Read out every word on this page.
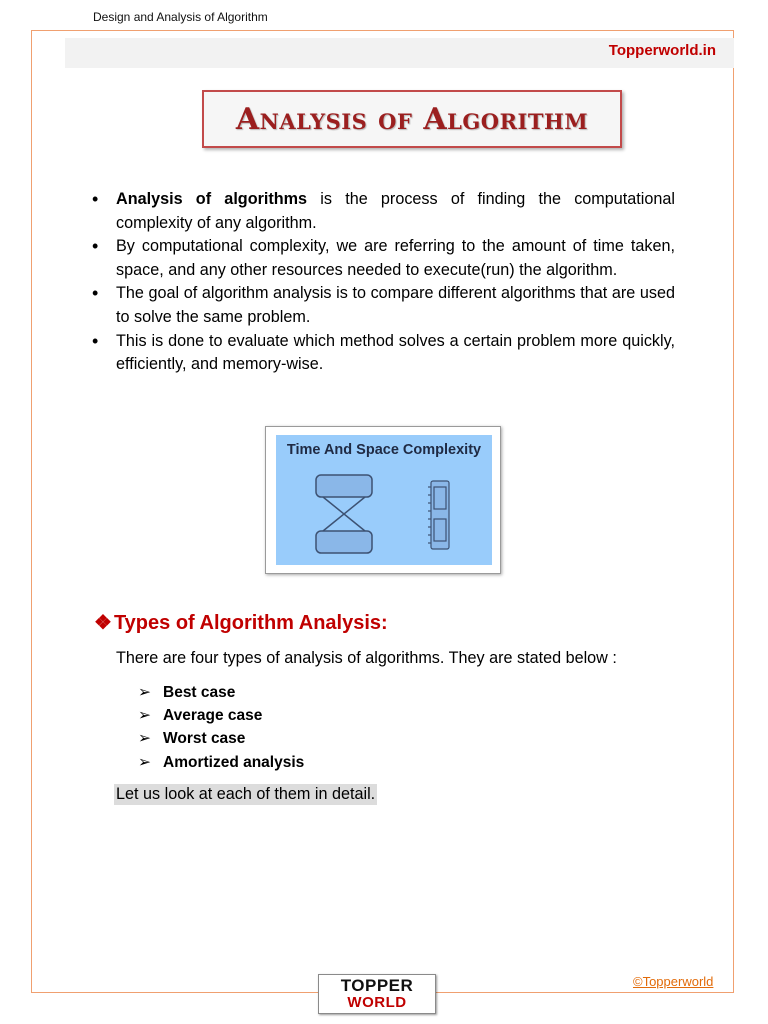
Design and Analysis of Algorithm
Topperworld.in
Analysis of Algorithm
• Analysis of algorithms is the process of finding the computational complexity of any algorithm.
• By computational complexity, we are referring to the amount of time taken, space, and any other resources needed to execute(run) the algorithm.
• The goal of algorithm analysis is to compare different algorithms that are used to solve the same problem.
• This is done to evaluate which method solves a certain problem more quickly, efficiently, and memory-wise.
Time And Space Complexity
❖ Types of Algorithm Analysis:
There are four types of analysis of algorithms. They are stated below :
➢ Best case
➢ Average case
➢ Worst case
➢ Amortized analysis
Let us look at each of them in detail.
TOPPER
WORLD
©Topperworld
